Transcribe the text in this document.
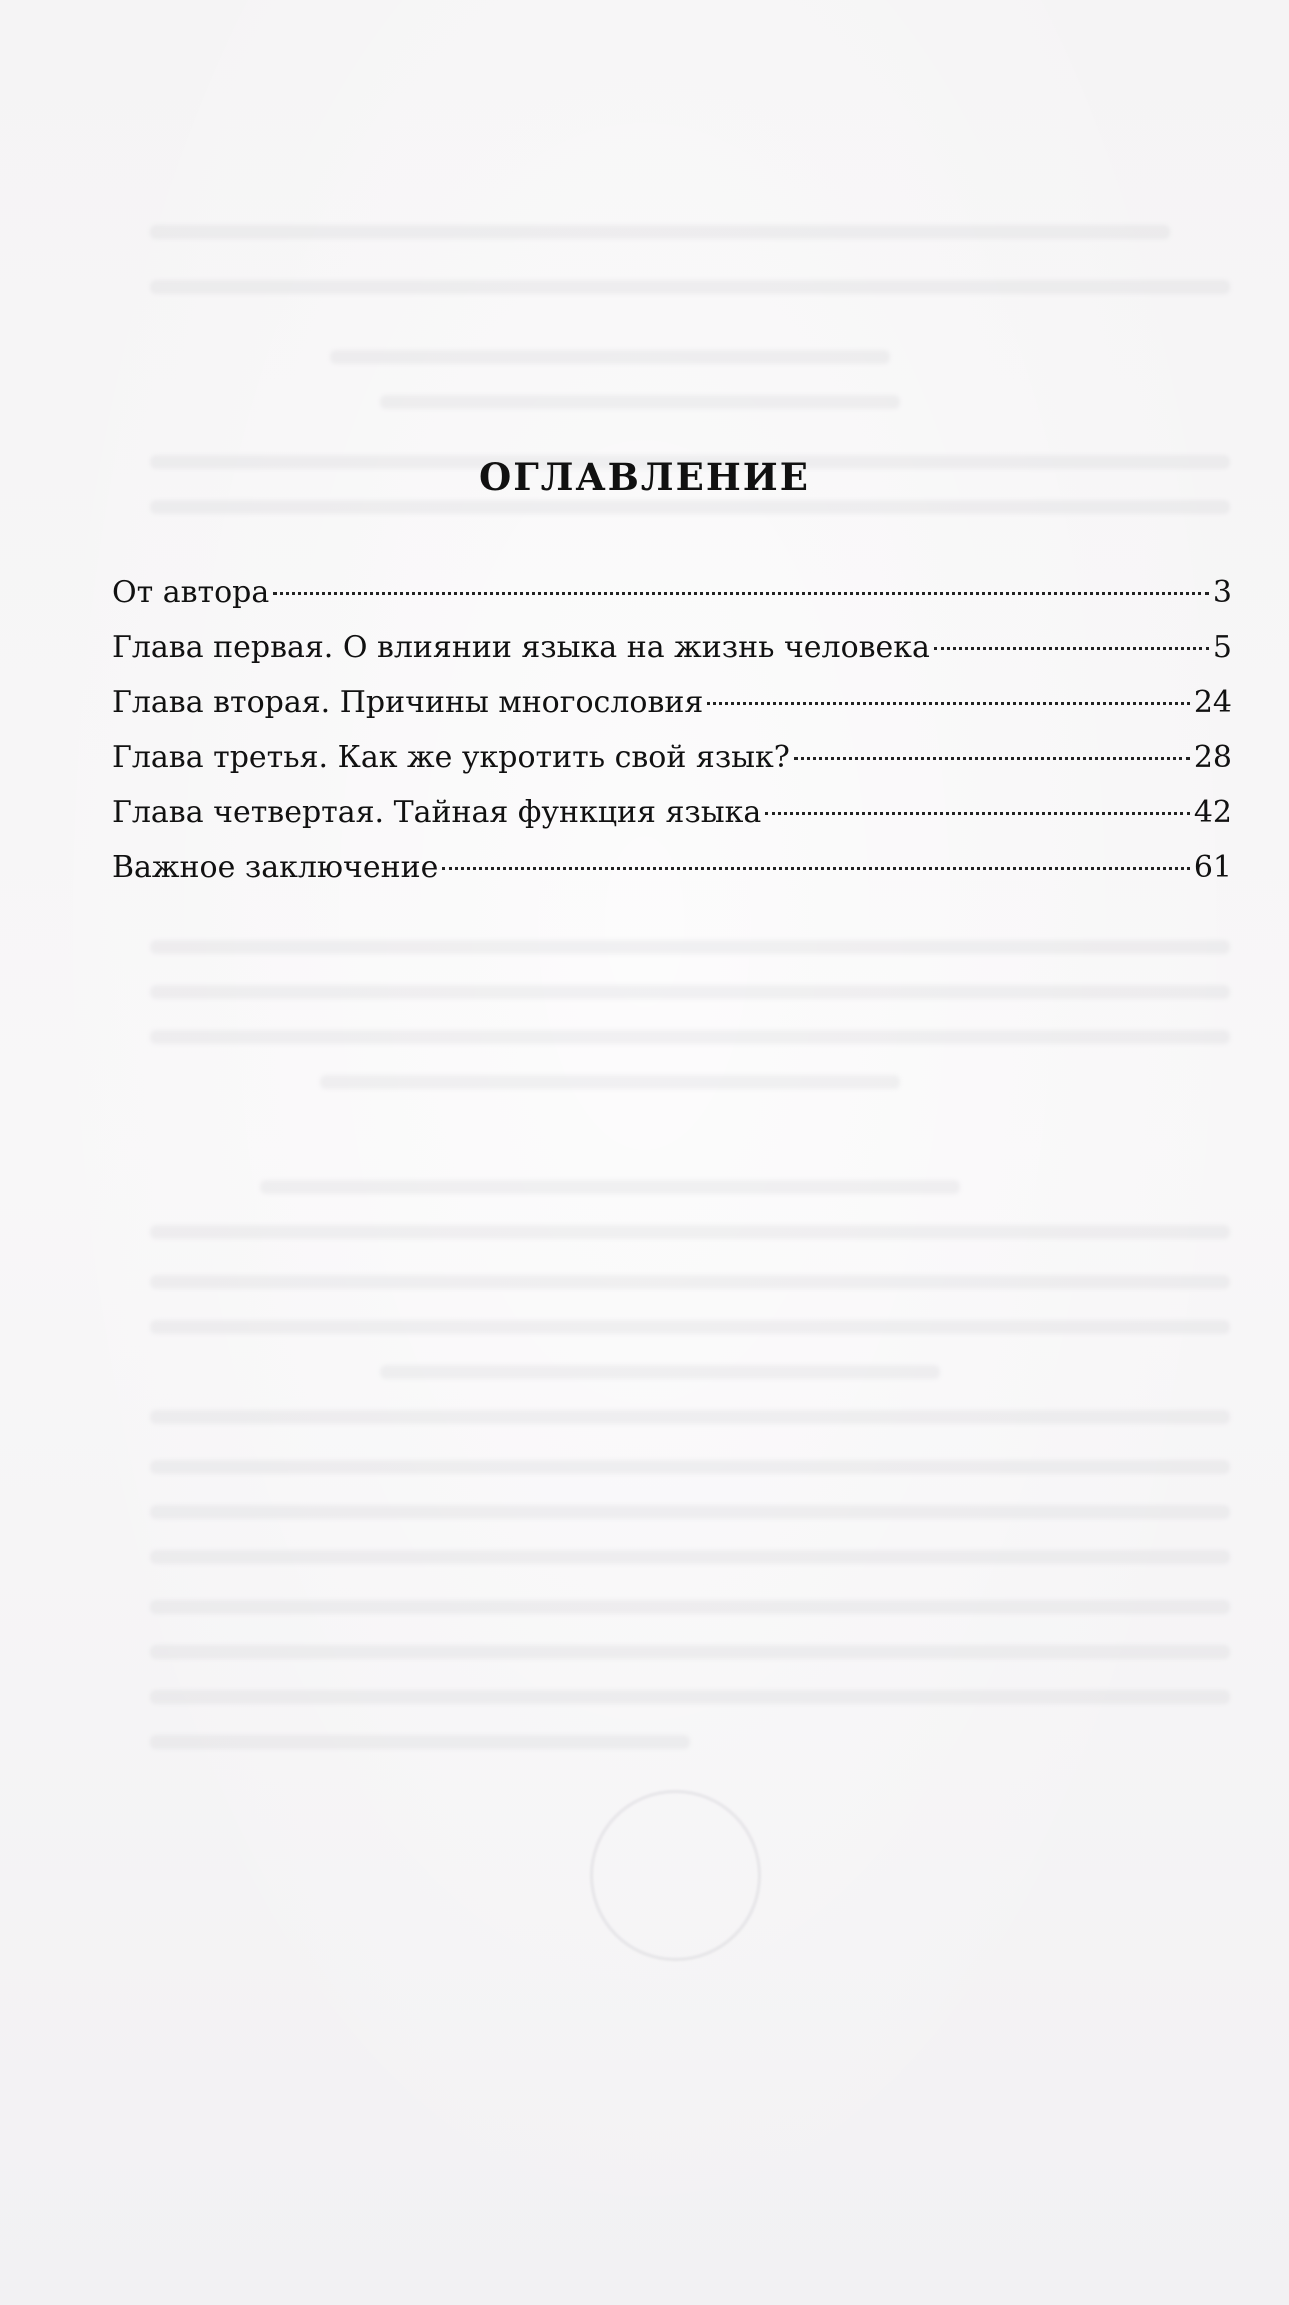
ОГЛАВЛЕНИЕ
От автора	3
Глава первая. О влиянии языка на жизнь человека	5
Глава вторая. Причины многословия	24
Глава третья. Как же укротить свой язык?	28
Глава четвертая. Тайная функция языка	42
Важное заключение	61
